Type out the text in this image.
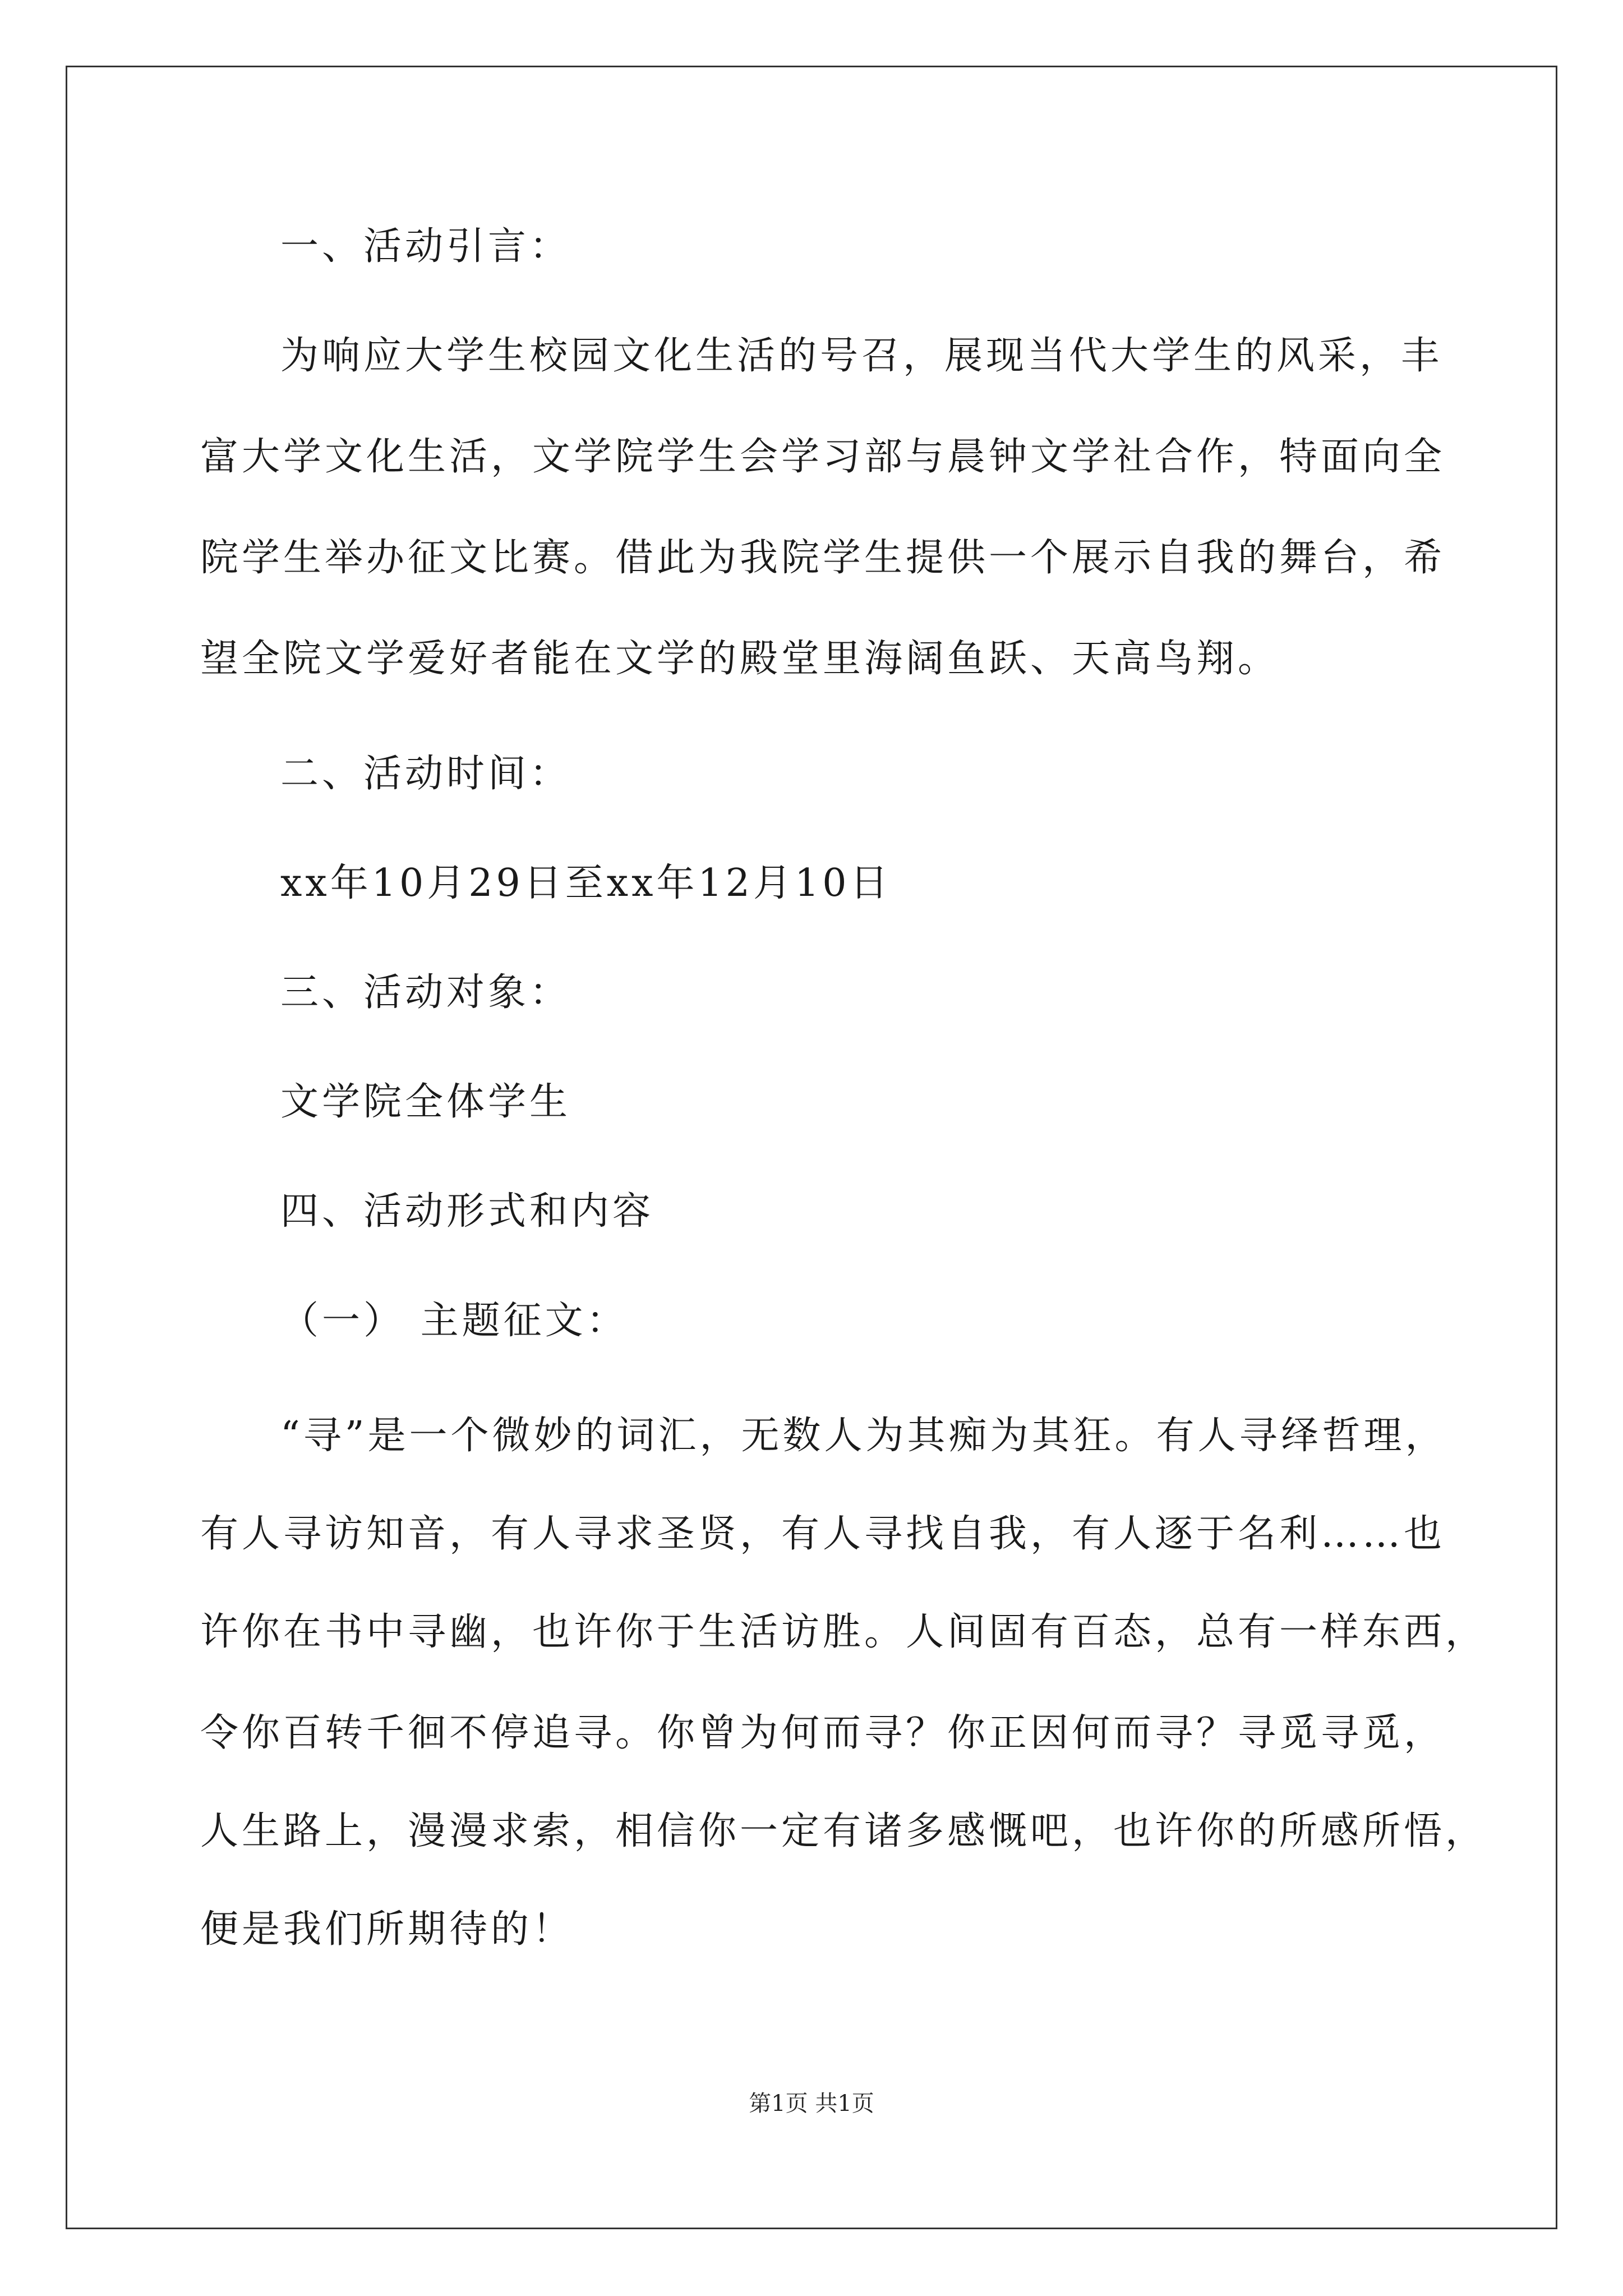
一、活动引言：
为响应大学生校园文化生活的号召，展现当代大学生的风采，丰
富大学文化生活，文学院学生会学习部与晨钟文学社合作，特面向全
院学生举办征文比赛。借此为我院学生提供一个展示自我的舞台，希
望全院文学爱好者能在文学的殿堂里海阔鱼跃、天高鸟翔。
二、活动时间：
xx年10月29日至xx年12月10日
三、活动对象：
文学院全体学生
四、活动形式和内容
（一） 主题征文：
“寻”是一个微妙的词汇，无数人为其痴为其狂。有人寻绎哲理，
有人寻访知音，有人寻求圣贤，有人寻找自我，有人逐于名利……也
许你在书中寻幽，也许你于生活访胜。人间固有百态，总有一样东西，
令你百转千徊不停追寻。你曾为何而寻？你正因何而寻？寻觅寻觅，
人生路上，漫漫求索，相信你一定有诸多感慨吧，也许你的所感所悟，
便是我们所期待的！
第1页 共1页
